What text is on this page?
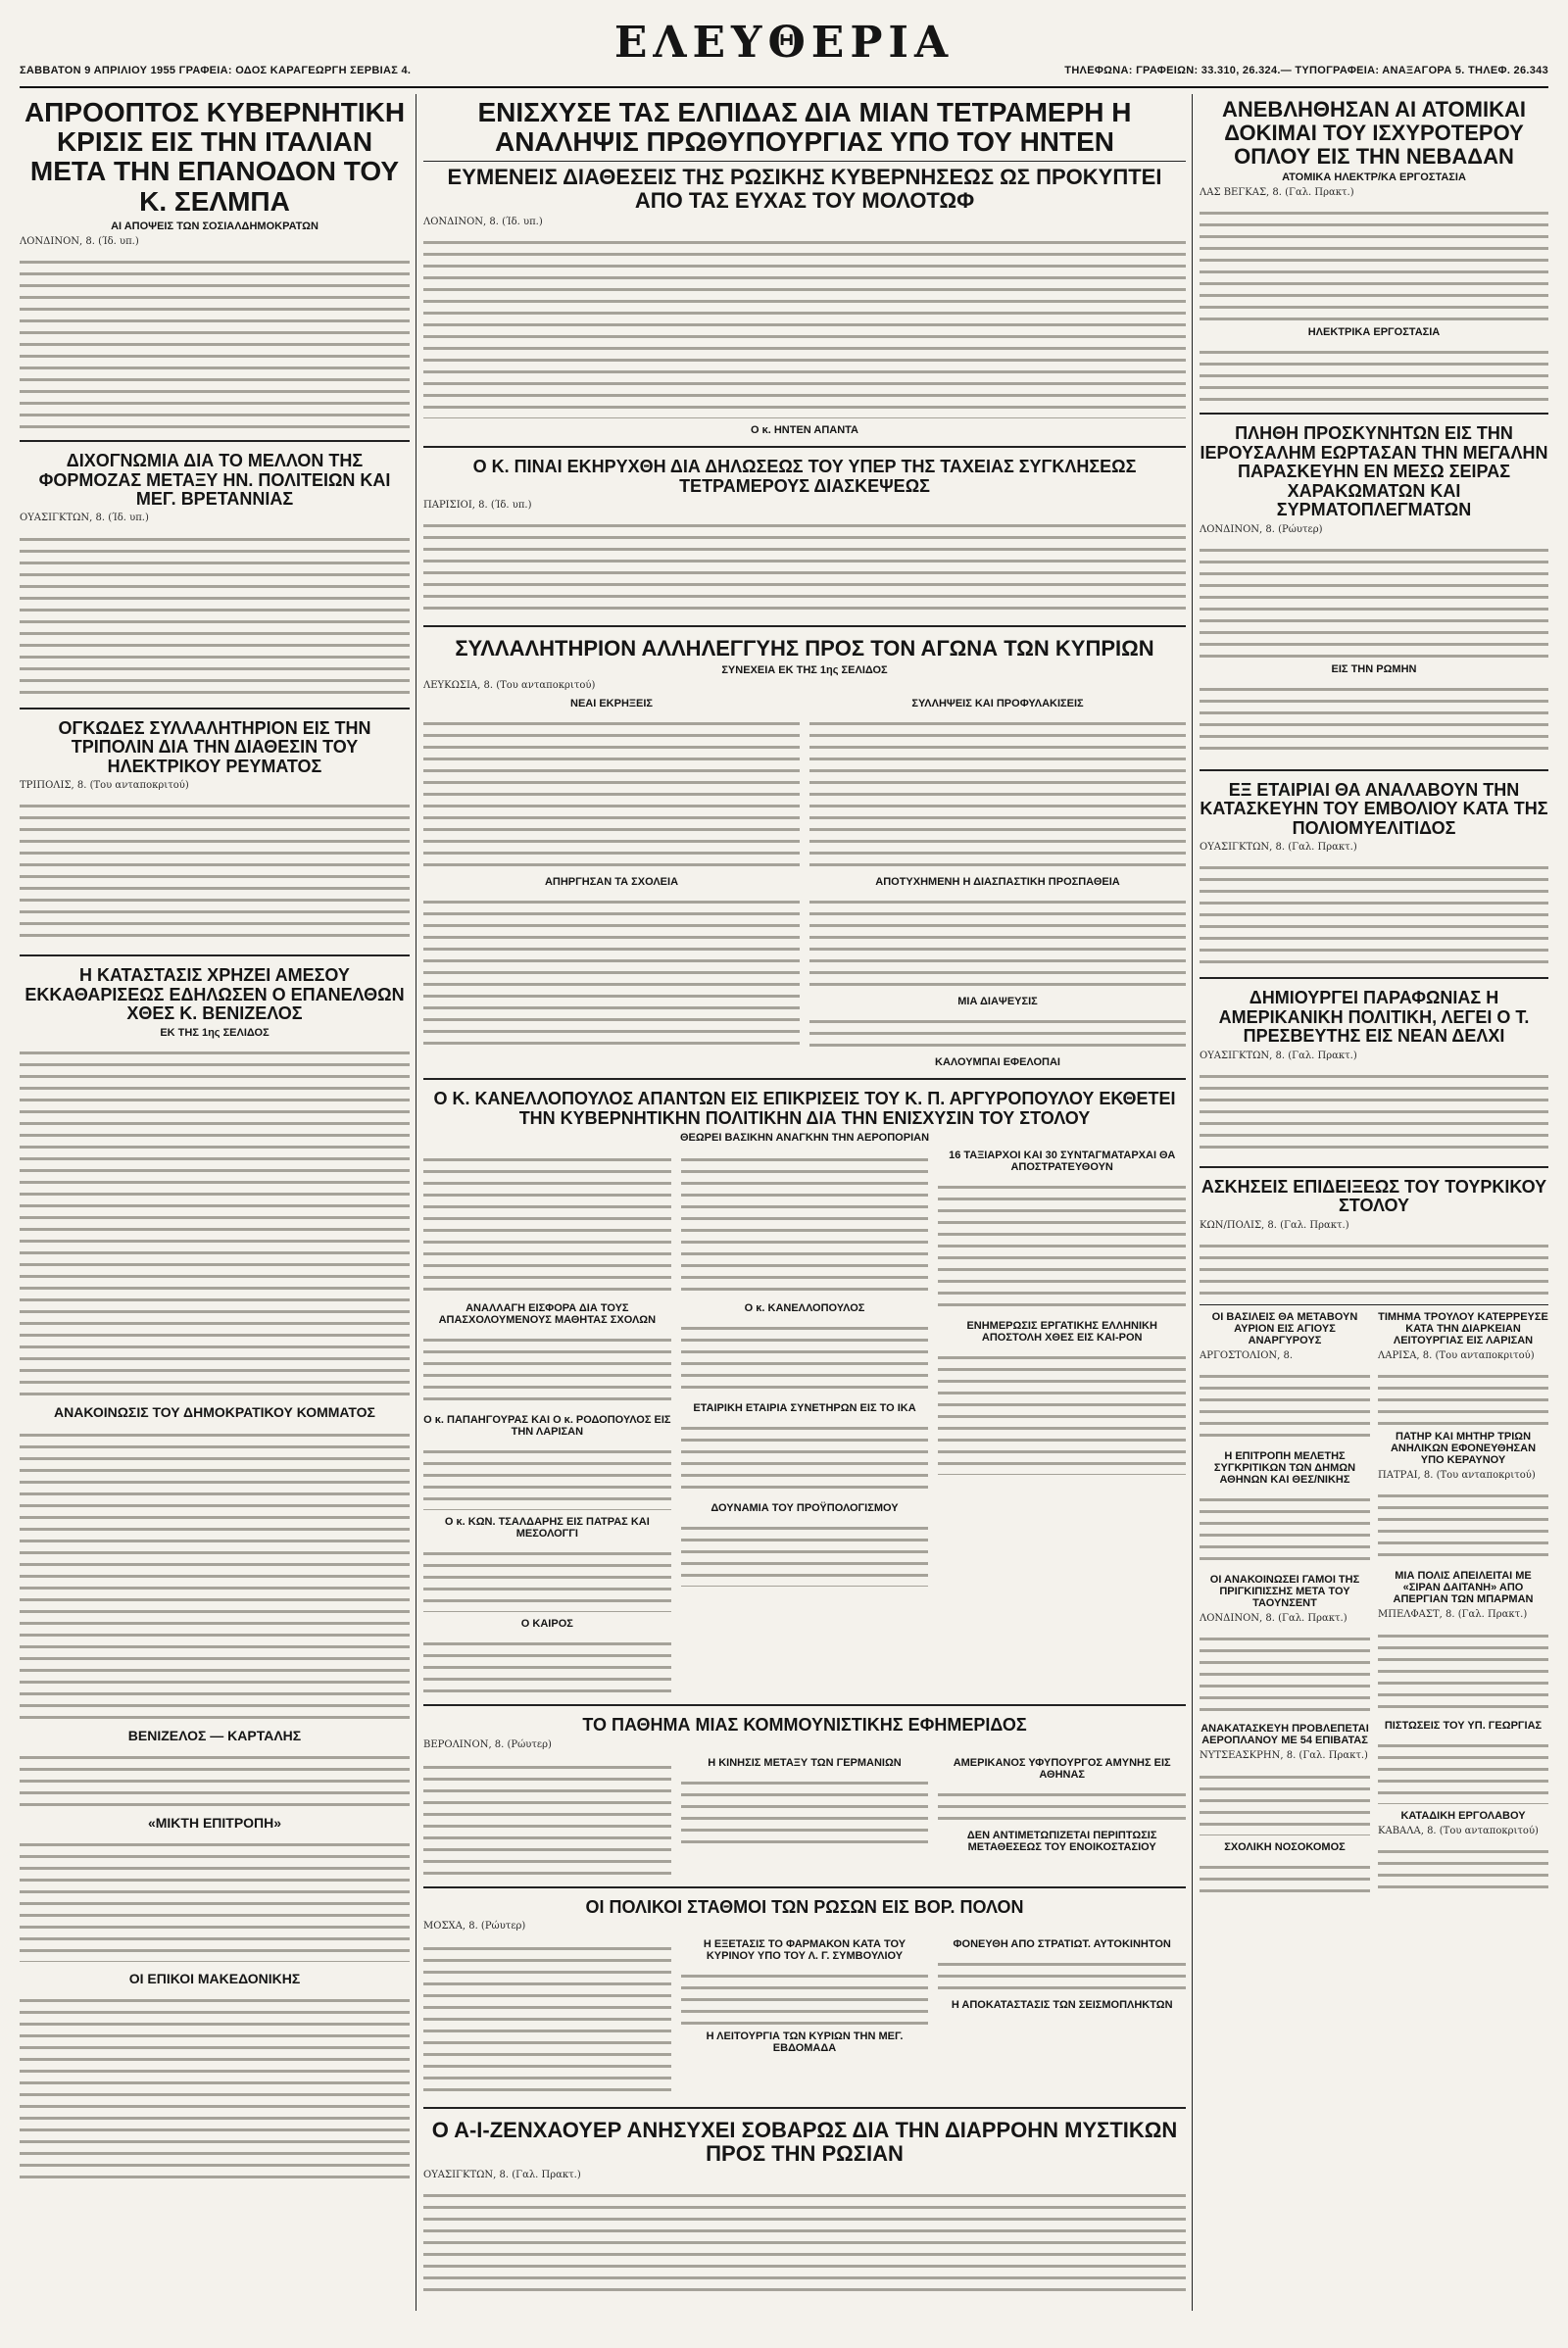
ΣΑΒΒΑΤΟΝ 9 ΑΠΡΙΛΙΟΥ 1955 ΓΡΑΦΕΙΑ: ΟΔΟΣ ΚΑΡΑΓΕΩΡΓΗ ΣΕΡΒΙΑΣ 4.
ΕΛΕΥΘΕΡΙΑ
ΤΗΛΕΦΩΝΑ: ΓΡΑΦΕΙΩΝ: 33.310, 26.324.— ΤΥΠΟΓΡΑΦΕΙΑ: ΑΝΑΞΑΓΟΡΑ 5. ΤΗΛΕΦ. 26.343
ΑΠΡΟΟΠΤΟΣ ΚΥΒΕΡΝΗΤΙΚΗ ΚΡΙΣΙΣ ΕΙΣ ΤΗΝ ΙΤΑΛΙΑΝ ΜΕΤΑ ΤΗΝ ΕΠΑΝΟΔΟΝ ΤΟΥ Κ. ΣΕΛΜΠΑ
ΑΙ ΑΠΟΨΕΙΣ ΤΩΝ ΣΟΣΙΑΛΔΗΜΟΚΡΑΤΩΝ
ΛΟΝΔΙΝΟΝ, 8. (Ίδ. υπ.)
ΔΙΧΟΓΝΩΜΙΑ ΔΙΑ ΤΟ ΜΕΛΛΟΝ ΤΗΣ ΦΟΡΜΟΖΑΣ ΜΕΤΑΞΥ ΗΝ. ΠΟΛΙΤΕΙΩΝ ΚΑΙ ΜΕΓ. ΒΡΕΤΑΝΝΙΑΣ
ΟΥΑΣΙΓΚΤΩΝ, 8. (Ίδ. υπ.)
ΟΓΚΩΔΕΣ ΣΥΛΛΑΛΗΤΗΡΙΟΝ ΕΙΣ ΤΗΝ ΤΡΙΠΟΛΙΝ ΔΙΑ ΤΗΝ ΔΙΑΘΕΣΙΝ ΤΟΥ ΗΛΕΚΤΡΙΚΟΥ ΡΕΥΜΑΤΟΣ
ΤΡΙΠΟΛΙΣ, 8. (Του ανταποκριτού)
Η ΚΑΤΑΣΤΑΣΙΣ ΧΡΗΖΕΙ ΑΜΕΣΟΥ ΕΚΚΑΘΑΡΙΣΕΩΣ ΕΔΗΛΩΣΕΝ Ο ΕΠΑΝΕΛΘΩΝ ΧΘΕΣ Κ. ΒΕΝΙΖΕΛΟΣ
ΕΚ ΤΗΣ 1ης ΣΕΛΙΔΟΣ
ΑΝΑΚΟΙΝΩΣΙΣ ΤΟΥ ΔΗΜΟΚΡΑΤΙΚΟΥ ΚΟΜΜΑΤΟΣ
ΒΕΝΙΖΕΛΟΣ — ΚΑΡΤΑΛΗΣ
«ΜΙΚΤΗ ΕΠΙΤΡΟΠΗ»
ΟΙ ΕΠΙΚΟΙ ΜΑΚΕΔΟΝΙΚΗΣ
ΕΝΙΣΧΥΣΕ ΤΑΣ ΕΛΠΙΔΑΣ ΔΙΑ ΜΙΑΝ ΤΕΤΡΑΜΕΡΗ Η ΑΝΑΛΗΨΙΣ ΠΡΩΘΥΠΟΥΡΓΙΑΣ ΥΠΟ ΤΟΥ ΗΝΤΕΝ
ΕΥΜΕΝΕΙΣ ΔΙΑΘΕΣΕΙΣ ΤΗΣ ΡΩΣΙΚΗΣ ΚΥΒΕΡΝΗΣΕΩΣ ΩΣ ΠΡΟΚΥΠΤΕΙ ΑΠΟ ΤΑΣ ΕΥΧΑΣ ΤΟΥ ΜΟΛΟΤΩΦ
ΛΟΝΔΙΝΟΝ, 8. (Ίδ. υπ.)
Ο κ. ΗΝΤΕΝ ΑΠΑΝΤΑ
Ο Κ. ΠΙΝΑΙ ΕΚΗΡΥΧΘΗ ΔΙΑ ΔΗΛΩΣΕΩΣ ΤΟΥ ΥΠΕΡ ΤΗΣ ΤΑΧΕΙΑΣ ΣΥΓΚΛΗΣΕΩΣ ΤΕΤΡΑΜΕΡΟΥΣ ΔΙΑΣΚΕΨΕΩΣ
ΠΑΡΙΣΙΟΙ, 8. (Ίδ. υπ.)
ΣΥΛΛΑΛΗΤΗΡΙΟΝ ΑΛΛΗΛΕΓΓΥΗΣ ΠΡΟΣ ΤΟΝ ΑΓΩΝΑ ΤΩΝ ΚΥΠΡΙΩΝ
ΣΥΝΕΧΕΙΑ ΕΚ ΤΗΣ 1ης ΣΕΛΙΔΟΣ
ΛΕΥΚΩΣΙΑ, 8. (Του ανταποκριτού)
ΝΕΑΙ ΕΚΡΗΞΕΙΣ
ΑΠΗΡΓΗΣΑΝ ΤΑ ΣΧΟΛΕΙΑ
ΣΥΛΛΗΨΕΙΣ ΚΑΙ ΠΡΟΦΥΛΑΚΙΣΕΙΣ
ΑΠΟΤΥΧΗΜΕΝΗ Η ΔΙΑΣΠΑΣΤΙΚΗ ΠΡΟΣΠΑΘΕΙΑ
ΜΙΑ ΔΙΑΨΕΥΣΙΣ
ΚΑΛΟΥΜΠΑΙ ΕΦΕΛΟΠΑΙ
Ο Κ. ΚΑΝΕΛΛΟΠΟΥΛΟΣ ΑΠΑΝΤΩΝ ΕΙΣ ΕΠΙΚΡΙΣΕΙΣ ΤΟΥ Κ. Π. ΑΡΓΥΡΟΠΟΥΛΟΥ ΕΚΘΕΤΕΙ ΤΗΝ ΚΥΒΕΡΝΗΤΙΚΗΝ ΠΟΛΙΤΙΚΗΝ ΔΙΑ ΤΗΝ ΕΝΙΣΧΥΣΙΝ ΤΟΥ ΣΤΟΛΟΥ
ΘΕΩΡΕΙ ΒΑΣΙΚΗΝ ΑΝΑΓΚΗΝ ΤΗΝ ΑΕΡΟΠΟΡΙΑΝ
ΑΝΑΛΛΑΓΗ ΕΙΣΦΟΡΑ ΔΙΑ ΤΟΥΣ ΑΠΑΣΧΟΛΟΥΜΕΝΟΥΣ ΜΑΘΗΤΑΣ ΣΧΟΛΩΝ
Ο κ. ΠΑΠΑΗΓΟΥΡΑΣ ΚΑΙ Ο κ. ΡΟΔΟΠΟΥΛΟΣ ΕΙΣ ΤΗΝ ΛΑΡΙΣΑΝ
Ο κ. ΚΩΝ. ΤΣΑΛΔΑΡΗΣ ΕΙΣ ΠΑΤΡΑΣ ΚΑΙ ΜΕΣΟΛΟΓΓΙ
Ο ΚΑΙΡΟΣ
Ο κ. ΚΑΝΕΛΛΟΠΟΥΛΟΣ
ΕΤΑΙΡΙΚΗ ΕΤΑΙΡΙΑ ΣΥΝΕΤΗΡΩΝ ΕΙΣ ΤΟ ΙΚΑ
ΔΟΥΝΑΜΙΑ ΤΟΥ ΠΡΟΫΠΟΛΟΓΙΣΜΟΥ
16 ΤΑΞΙΑΡΧΟΙ ΚΑΙ 30 ΣΥΝΤΑΓΜΑΤΑΡΧΑΙ ΘΑ ΑΠΟΣΤΡΑΤΕΥΘΟΥΝ
ΕΝΗΜΕΡΩΣΙΣ ΕΡΓΑΤΙΚΗΣ ΕΛΛΗΝΙΚΗ ΑΠΟΣΤΟΛΗ ΧΘΕΣ ΕΙΣ ΚΑΙ-ΡΟΝ
ΤΟ ΠΑΘΗΜΑ ΜΙΑΣ ΚΟΜΜΟΥΝΙΣΤΙΚΗΣ ΕΦΗΜΕΡΙΔΟΣ
ΒΕΡΟΛΙΝΟΝ, 8. (Ρώυτερ)
Η ΚΙΝΗΣΙΣ ΜΕΤΑΞΥ ΤΩΝ ΓΕΡΜΑΝΙΩΝ	ΑΜΕΡΙΚΑΝΟΣ ΥΦΥΠΟΥΡΓΟΣ ΑΜΥΝΗΣ ΕΙΣ ΑΘΗΝΑΣ
ΔΕΝ ΑΝΤΙΜΕΤΩΠΙΖΕΤΑΙ ΠΕΡΙΠΤΩΣΙΣ ΜΕΤΑΘΕΣΕΩΣ ΤΟΥ ΕΝΟΙΚΟΣΤΑΣΙΟΥ
ΟΙ ΠΟΛΙΚΟΙ ΣΤΑΘΜΟΙ ΤΩΝ ΡΩΣΩΝ ΕΙΣ ΒΟΡ. ΠΟΛΟΝ
ΜΟΣΧΑ, 8. (Ρώυτερ)
Η ΕΞΕΤΑΣΙΣ ΤΟ ΦΑΡΜΑΚΟΝ ΚΑΤΑ ΤΟΥ ΚΥΡΙΝΟΥ ΥΠΟ ΤΟΥ Λ. Γ. ΣΥΜΒΟΥΛΙΟΥ
Η ΛΕΙΤΟΥΡΓΙΑ ΤΩΝ ΚΥΡΙΩΝ ΤΗΝ ΜΕΓ. ΕΒΔΟΜΑΔΑ
ΦΟΝΕΥΘΗ ΑΠΟ ΣΤΡΑΤΙΩΤ. ΑΥΤΟΚΙΝΗΤΟΝ
Η ΑΠΟΚΑΤΑΣΤΑΣΙΣ ΤΩΝ ΣΕΙΣΜΟΠΛΗΚΤΩΝ
Ο Α-Ι-ΖΕΝΧΑΟΥΕΡ ΑΝΗΣΥΧΕΙ ΣΟΒΑΡΩΣ ΔΙΑ ΤΗΝ ΔΙΑΡΡΟΗΝ ΜΥΣΤΙΚΩΝ ΠΡΟΣ ΤΗΝ ΡΩΣΙΑΝ
ΟΥΑΣΙΓΚΤΩΝ, 8. (Γαλ. Πρακτ.)
ΑΝΕΒΛΗΘΗΣΑΝ ΑΙ ΑΤΟΜΙΚΑΙ ΔΟΚΙΜΑΙ ΤΟΥ ΙΣΧΥΡΟΤΕΡΟΥ ΟΠΛΟΥ ΕΙΣ ΤΗΝ ΝΕΒΑΔΑΝ
ΑΤΟΜΙΚΑ ΗΛΕΚΤΡ/ΚΑ ΕΡΓΟΣΤΑΣΙΑ
ΛΑΣ ΒΕΓΚΑΣ, 8. (Γαλ. Πρακτ.)
ΗΛΕΚΤΡΙΚΑ ΕΡΓΟΣΤΑΣΙΑ
ΠΛΗΘΗ ΠΡΟΣΚΥΝΗΤΩΝ ΕΙΣ ΤΗΝ ΙΕΡΟΥΣΑΛΗΜ ΕΩΡΤΑΣΑΝ ΤΗΝ ΜΕΓΑΛΗΝ ΠΑΡΑΣΚΕΥΗΝ ΕΝ ΜΕΣΩ ΣΕΙΡΑΣ ΧΑΡΑΚΩΜΑΤΩΝ ΚΑΙ ΣΥΡΜΑΤΟΠΛΕΓΜΑΤΩΝ
ΛΟΝΔΙΝΟΝ, 8. (Ρώυτερ)
ΕΙΣ ΤΗΝ ΡΩΜΗΝ
ΕΞ ΕΤΑΙΡΙΑΙ ΘΑ ΑΝΑΛΑΒΟΥΝ ΤΗΝ ΚΑΤΑΣΚΕΥΗΝ ΤΟΥ ΕΜΒΟΛΙΟΥ ΚΑΤΑ ΤΗΣ ΠΟΛΙΟΜΥΕΛΙΤΙΔΟΣ
ΟΥΑΣΙΓΚΤΩΝ, 8. (Γαλ. Πρακτ.)
ΔΗΜΙΟΥΡΓΕΙ ΠΑΡΑΦΩΝΙΑΣ Η ΑΜΕΡΙΚΑΝΙΚΗ ΠΟΛΙΤΙΚΗ, ΛΕΓΕΙ Ο Τ. ΠΡΕΣΒΕΥΤΗΣ ΕΙΣ ΝΕΑΝ ΔΕΛΧΙ
ΟΥΑΣΙΓΚΤΩΝ, 8. (Γαλ. Πρακτ.)
ΑΣΚΗΣΕΙΣ ΕΠΙΔΕΙΞΕΩΣ ΤΟΥ ΤΟΥΡΚΙΚΟΥ ΣΤΟΛΟΥ
ΚΩΝ/ΠΟΛΙΣ, 8. (Γαλ. Πρακτ.)
ΟΙ ΒΑΣΙΛΕΙΣ ΘΑ ΜΕΤΑΒΟΥΝ ΑΥΡΙΟΝ ΕΙΣ ΑΓΙΟΥΣ ΑΝΑΡΓΥΡΟΥΣ
ΑΡΓΟΣΤΟΛΙΟΝ, 8.
Η ΕΠΙΤΡΟΠΗ ΜΕΛΕΤΗΣ ΣΥΓΚΡΙΤΙΚΩΝ ΤΩΝ ΔΗΜΩΝ ΑΘΗΝΩΝ ΚΑΙ ΘΕΣ/ΝΙΚΗΣ
ΟΙ ΑΝΑΚΟΙΝΩΣΕΙ ΓΑΜΟΙ ΤΗΣ ΠΡΙΓΚΙΠΙΣΣΗΣ ΜΕΤΑ ΤΟΥ ΤΑΟΥΝΣΕΝΤ
ΛΟΝΔΙΝΟΝ, 8. (Γαλ. Πρακτ.)
ΑΝΑΚΑΤΑΣΚΕΥΗ ΠΡΟΒΛΕΠΕΤΑΙ ΑΕΡΟΠΛΑΝΟΥ ΜΕ 54 ΕΠΙΒΑΤΑΣ
ΝΥΤΣΕΑΣΚΡΗΝ, 8. (Γαλ. Πρακτ.)
ΣΧΟΛΙΚΗ ΝΟΣΟΚΟΜΟΣ
ΤΙΜΗΜΑ ΤΡΟΥΛΟΥ ΚΑΤΕΡΡΕΥΣΕ ΚΑΤΑ ΤΗΝ ΔΙΑΡΚΕΙΑΝ ΛΕΙΤΟΥΡΓΙΑΣ ΕΙΣ ΛΑΡΙΣΑΝ
ΛΑΡΙΣΑ, 8. (Του ανταποκριτού)
ΠΑΤΗΡ ΚΑΙ ΜΗΤΗΡ ΤΡΙΩΝ ΑΝΗΛΙΚΩΝ ΕΦΟΝΕΥΘΗΣΑΝ ΥΠΟ ΚΕΡΑΥΝΟΥ
ΠΑΤΡΑΙ, 8. (Του ανταποκριτού)
ΜΙΑ ΠΟΛΙΣ ΑΠΕΙΛΕΙΤΑΙ ΜΕ «ΣΙΡΑΝ ΔΑΙΤΑΝΗ» ΑΠΟ ΑΠΕΡΓΙΑΝ ΤΩΝ ΜΠΑΡΜΑΝ
ΜΠΕΛΦΑΣΤ, 8. (Γαλ. Πρακτ.)
ΠΙΣΤΩΣΕΙΣ ΤΟΥ ΥΠ. ΓΕΩΡΓΙΑΣ
ΚΑΤΑΔΙΚΗ ΕΡΓΟΛΑΒΟΥ
ΚΑΒΑΛΑ, 8. (Του ανταποκριτού)
